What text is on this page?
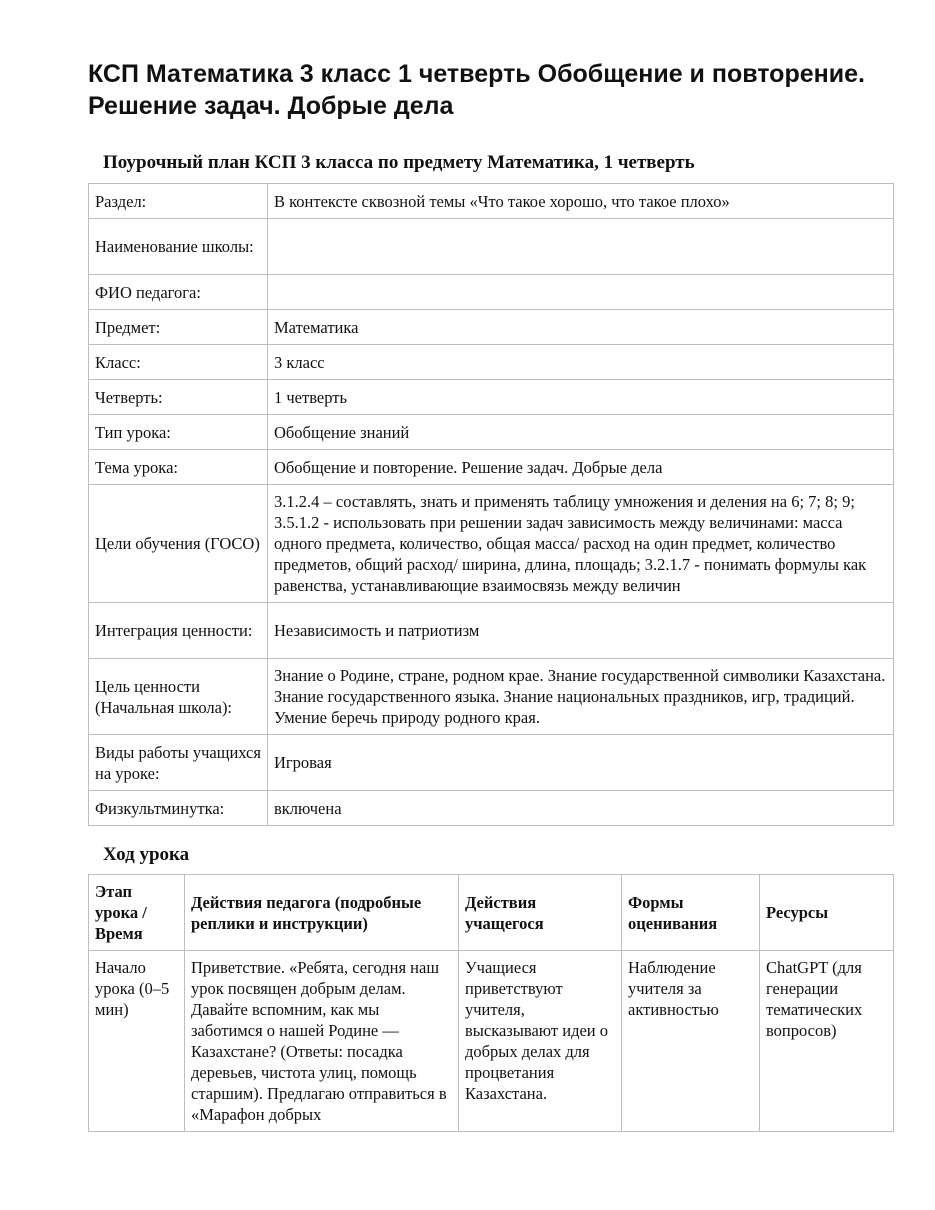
КСП Математика 3 класс 1 четверть Обобщение и повторение. Решение задач. Добрые дела
Поурочный план КСП 3 класса по предмету Математика, 1 четверть
Раздел:	В контексте сквозной темы «Что такое хорошо, что такое плохо»
Наименование школы:	
ФИО педагога:	
Предмет:	Математика
Класс:	3 класс
Четверть:	1 четверть
Тип урока:	Обобщение знаний
Тема урока:	Обобщение и повторение. Решение задач. Добрые дела
Цели обучения (ГОСО)	3.1.2.4 – составлять, знать и применять таблицу умножения и деления на 6; 7; 8; 9; 3.5.1.2 - использовать при решении задач зависимость между величинами: масса одного предмета, количество, общая масса/ расход на один предмет, количество предметов, общий расход/ ширина, длина, площадь; 3.2.1.7 - понимать формулы как равенства, устанавливающие взаимосвязь между величин
Интеграция ценности:	Независимость и патриотизм
Цель ценности (Начальная школа):	Знание о Родине, стране, родном крае. Знание государственной символики Казахстана. Знание государственного языка. Знание национальных праздников, игр, традиций. Умение беречь природу родного края.
Виды работы учащихся на уроке:	Игровая
Физкультминутка:	включена
Ход урока
Этап урока / Время	Действия педагога (подробные реплики и инструкции)	Действия учащегося	Формы оценивания	Ресурсы
Начало урока (0–5 мин)	Приветствие. «Ребята, сегодня наш урок посвящен добрым делам. Давайте вспомним, как мы заботимся о нашей Родине — Казахстане? (Ответы: посадка деревьев, чистота улиц, помощь старшим). Предлагаю отправиться в «Марафон добрых	Учащиеся приветствуют учителя, высказывают идеи о добрых делах для процветания Казахстана.	Наблюдение учителя за активностью	ChatGPT (для генерации тематических вопросов)
